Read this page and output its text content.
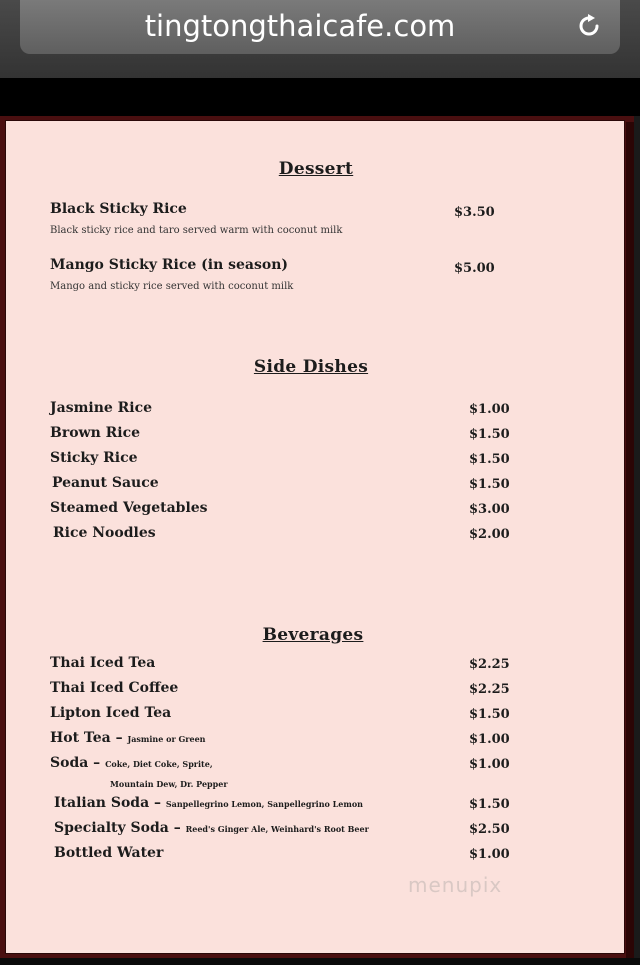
tingtongthaicafe.com
Dessert
Black Sticky Rice	$3.50
Black sticky rice and taro served warm with coconut milk
Mango Sticky Rice (in season)	$5.00
Mango and sticky rice served with coconut milk
Side Dishes
Jasmine Rice	$1.00
Brown Rice	$1.50
Sticky Rice	$1.50
Peanut Sauce	$1.50
Steamed Vegetables	$3.00
Rice Noodles	$2.00
Beverages
Thai Iced Tea	$2.25
Thai Iced Coffee	$2.25
Lipton Iced Tea	$1.50
Hot Tea – Jasmine or Green	$1.00
Soda – Coke, Diet Coke, Sprite,	$1.00
Mountain Dew, Dr. Pepper
Italian Soda – Sanpellegrino Lemon, Sanpellegrino Lemon	$1.50
Specialty Soda – Reed's Ginger Ale, Weinhard's Root Beer	$2.50
Bottled Water	$1.00
menupix
